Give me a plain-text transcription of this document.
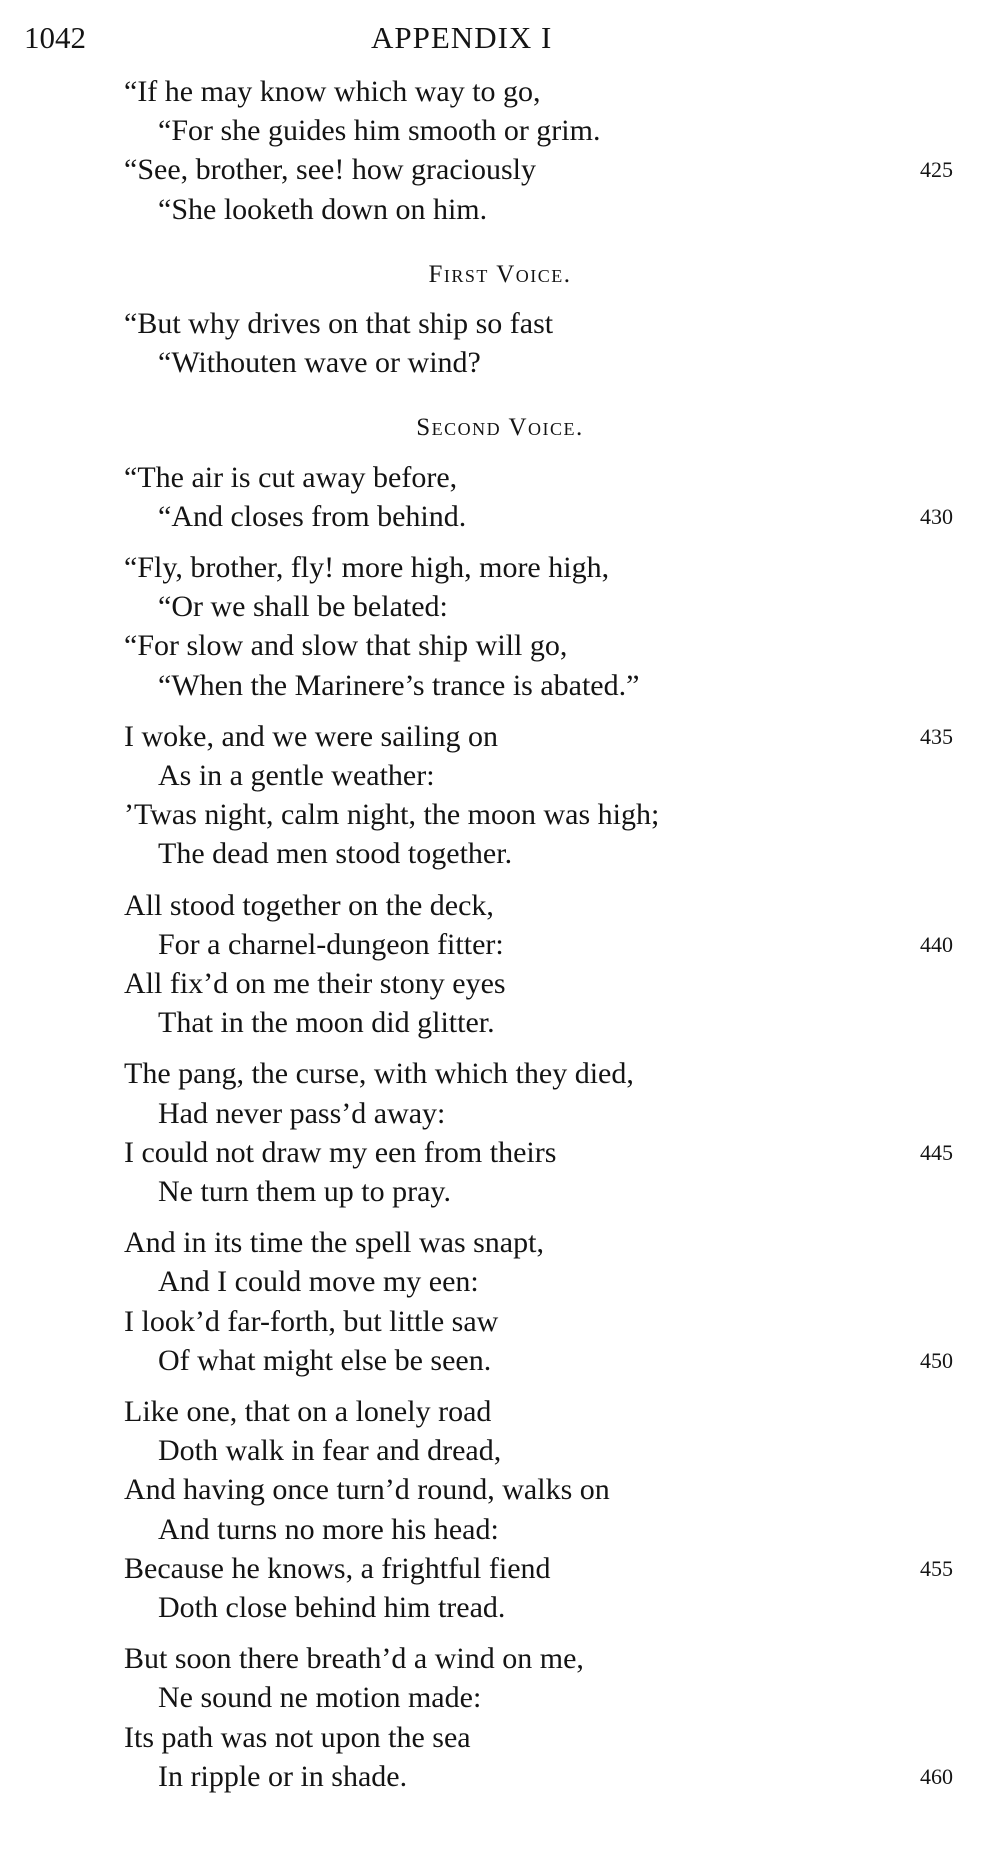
1042	APPENDIX I
“If he may know which way to go,
“For she guides him smooth or grim.
“See, brother, see! how graciously	425
“She looketh down on him.
First Voice.
“But why drives on that ship so fast
“Withouten wave or wind?
Second Voice.
“The air is cut away before,
“And closes from behind.	430
“Fly, brother, fly! more high, more high,
“Or we shall be belated:
“For slow and slow that ship will go,
“When the Marinere’s trance is abated.”
I woke, and we were sailing on	435
As in a gentle weather:
’Twas night, calm night, the moon was high;
The dead men stood together.
All stood together on the deck,
For a charnel-dungeon fitter:	440
All fix’d on me their stony eyes
That in the moon did glitter.
The pang, the curse, with which they died,
Had never pass’d away:
I could not draw my een from theirs	445
Ne turn them up to pray.
And in its time the spell was snapt,
And I could move my een:
I look’d far-forth, but little saw
Of what might else be seen.	450
Like one, that on a lonely road
Doth walk in fear and dread,
And having once turn’d round, walks on
And turns no more his head:
Because he knows, a frightful fiend	455
Doth close behind him tread.
But soon there breath’d a wind on me,
Ne sound ne motion made:
Its path was not upon the sea
In ripple or in shade.	460
